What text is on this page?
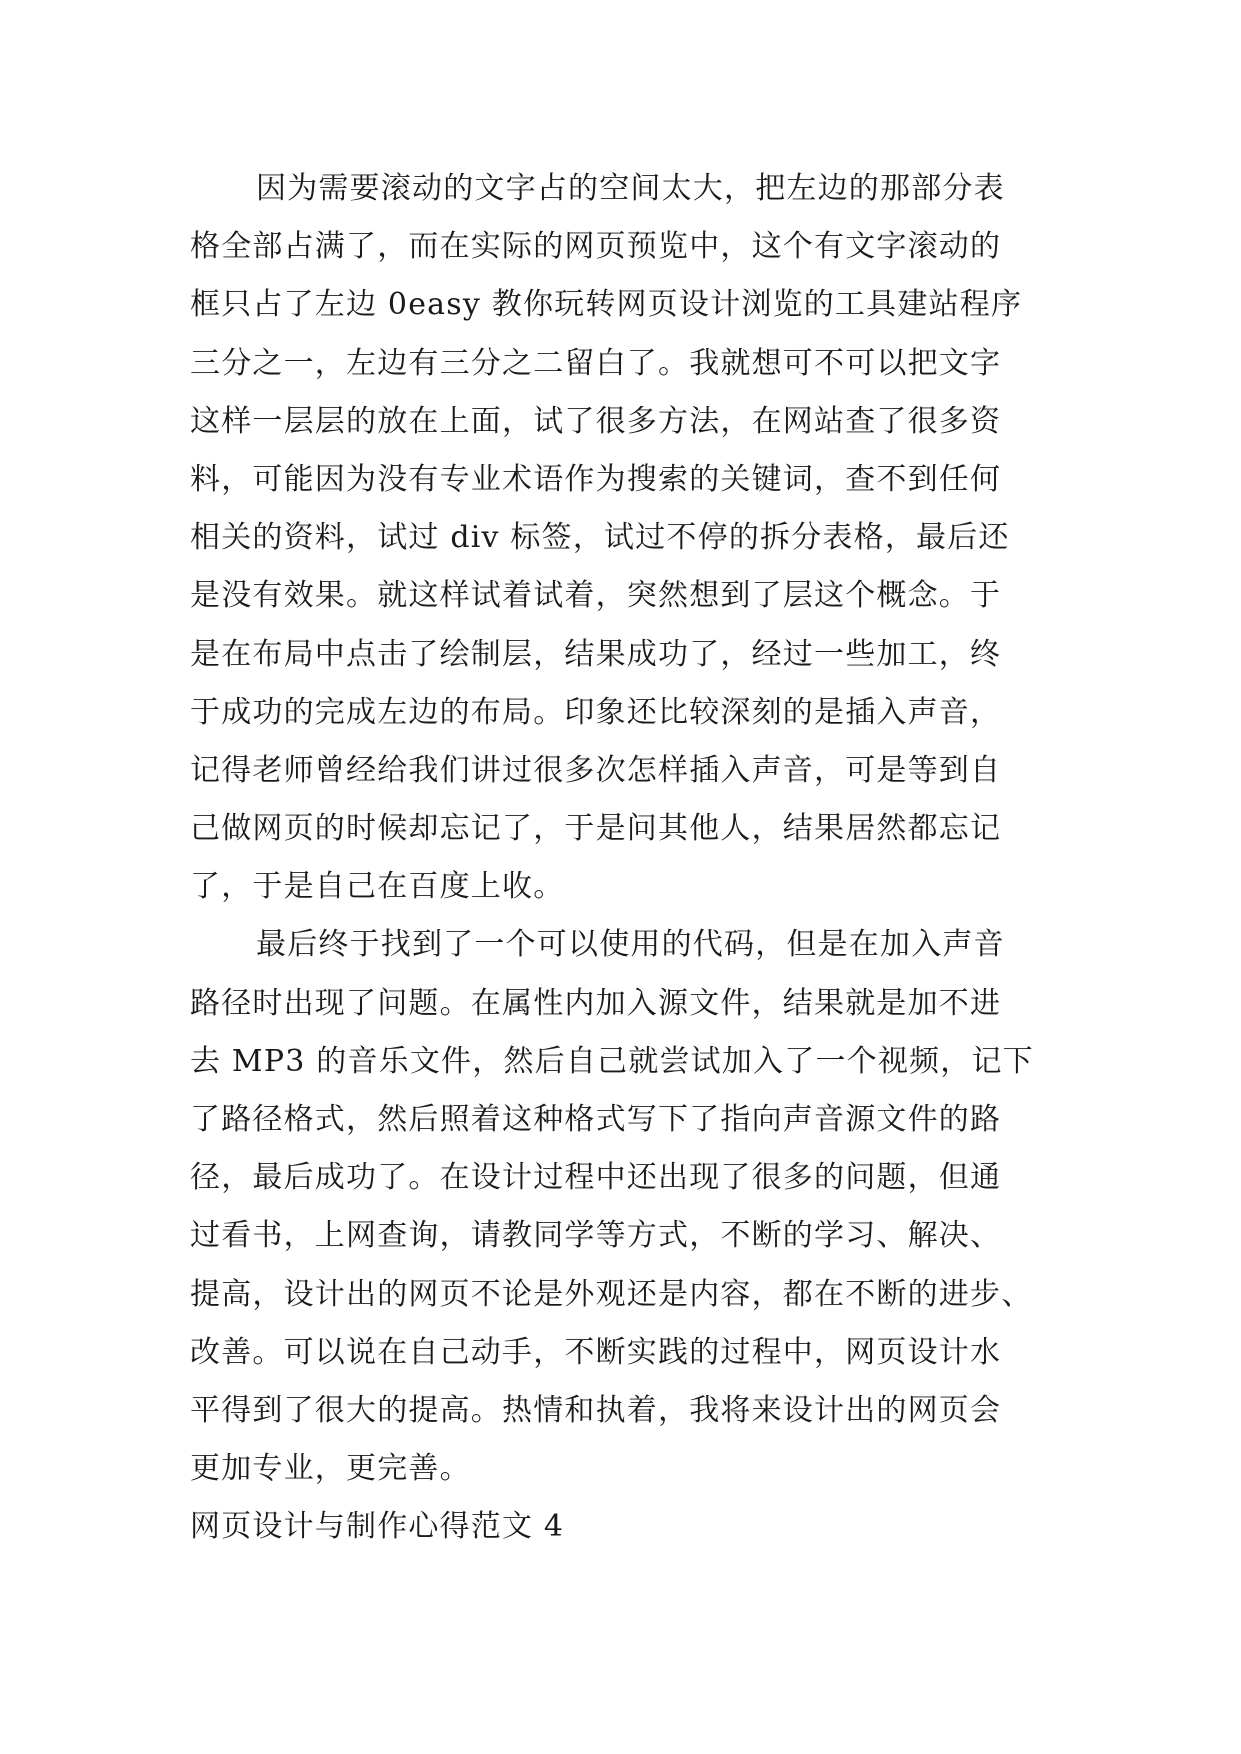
因为需要滚动的文字占的空间太大，把左边的那部分表
格全部占满了，而在实际的网页预览中，这个有文字滚动的
框只占了左边 0easy 教你玩转网页设计浏览的工具建站程序
三分之一，左边有三分之二留白了。我就想可不可以把文字
这样一层层的放在上面，试了很多方法，在网站查了很多资
料，可能因为没有专业术语作为搜索的关键词，查不到任何
相关的资料，试过 div 标签，试过不停的拆分表格，最后还
是没有效果。就这样试着试着，突然想到了层这个概念。于
是在布局中点击了绘制层，结果成功了，经过一些加工，终
于成功的完成左边的布局。印象还比较深刻的是插入声音，
记得老师曾经给我们讲过很多次怎样插入声音，可是等到自
己做网页的时候却忘记了，于是问其他人，结果居然都忘记
了，于是自己在百度上收。
最后终于找到了一个可以使用的代码，但是在加入声音
路径时出现了问题。在属性内加入源文件，结果就是加不进
去 MP3 的音乐文件，然后自己就尝试加入了一个视频，记下
了路径格式，然后照着这种格式写下了指向声音源文件的路
径，最后成功了。在设计过程中还出现了很多的问题，但通
过看书，上网查询，请教同学等方式，不断的学习、解决、
提高，设计出的网页不论是外观还是内容，都在不断的进步、
改善。可以说在自己动手，不断实践的过程中，网页设计水
平得到了很大的提高。热情和执着，我将来设计出的网页会
更加专业，更完善。
网页设计与制作心得范文 4
